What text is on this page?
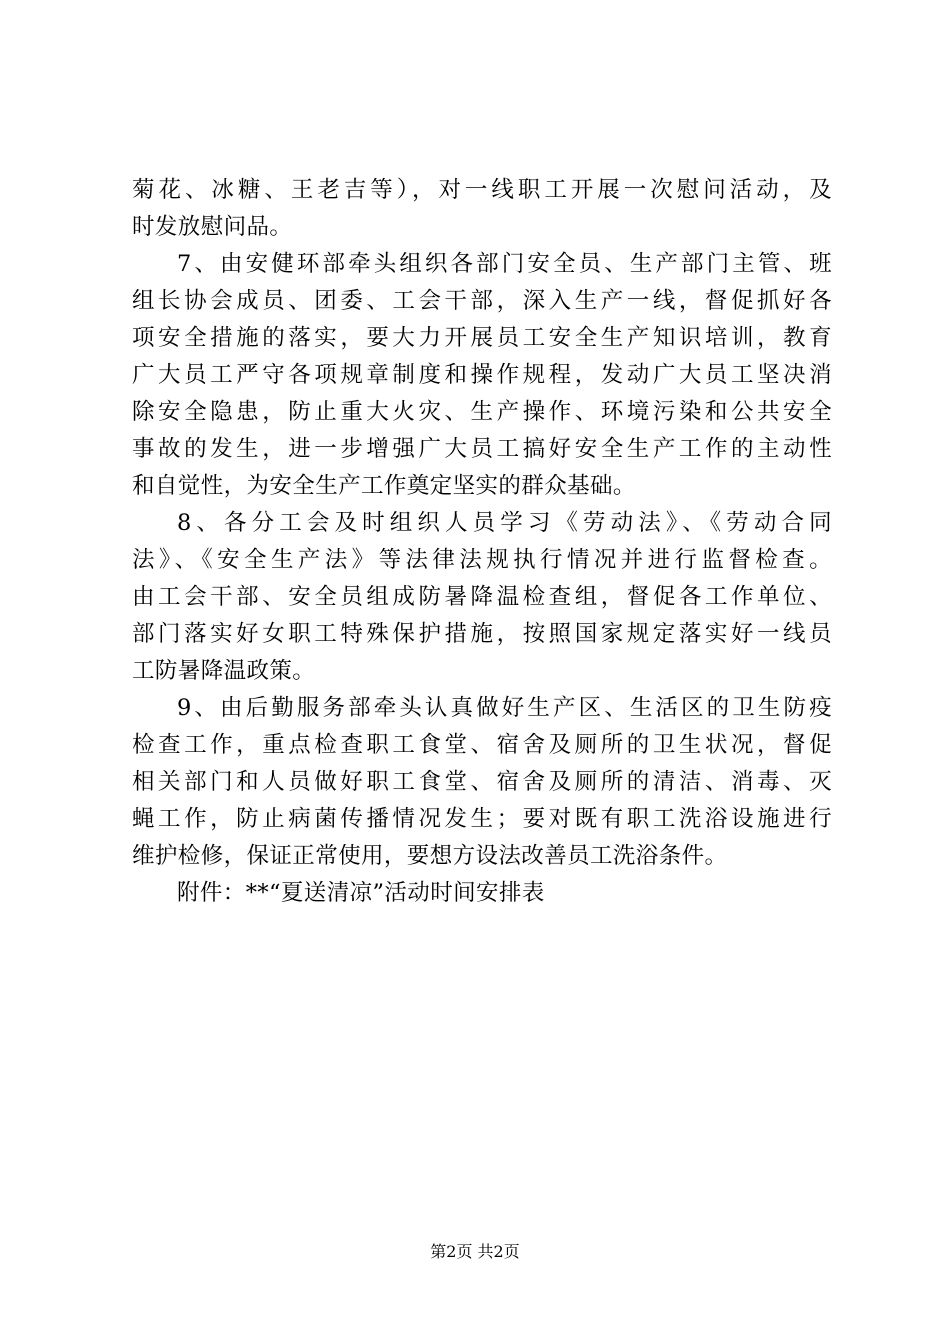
菊花、冰糖、王老吉等），对一线职工开展一次慰问活动，及
时发放慰问品。
7、由安健环部牵头组织各部门安全员、生产部门主管、班
组长协会成员、团委、工会干部，深入生产一线，督促抓好各
项安全措施的落实，要大力开展员工安全生产知识培训，教育
广大员工严守各项规章制度和操作规程，发动广大员工坚决消
除安全隐患，防止重大火灾、生产操作、环境污染和公共安全
事故的发生，进一步增强广大员工搞好安全生产工作的主动性
和自觉性，为安全生产工作奠定坚实的群众基础。
8、各分工会及时组织人员学习《劳动法》、《劳动合同
法》、《安全生产法》等法律法规执行情况并进行监督检查。
由工会干部、安全员组成防暑降温检查组，督促各工作单位、
部门落实好女职工特殊保护措施，按照国家规定落实好一线员
工防暑降温政策。
9、由后勤服务部牵头认真做好生产区、生活区的卫生防疫
检查工作，重点检查职工食堂、宿舍及厕所的卫生状况，督促
相关部门和人员做好职工食堂、宿舍及厕所的清洁、消毒、灭
蝇工作，防止病菌传播情况发生；要对既有职工洗浴设施进行
维护检修，保证正常使用，要想方设法改善员工洗浴条件。
附件：**“夏送清凉”活动时间安排表
第2页 共2页
